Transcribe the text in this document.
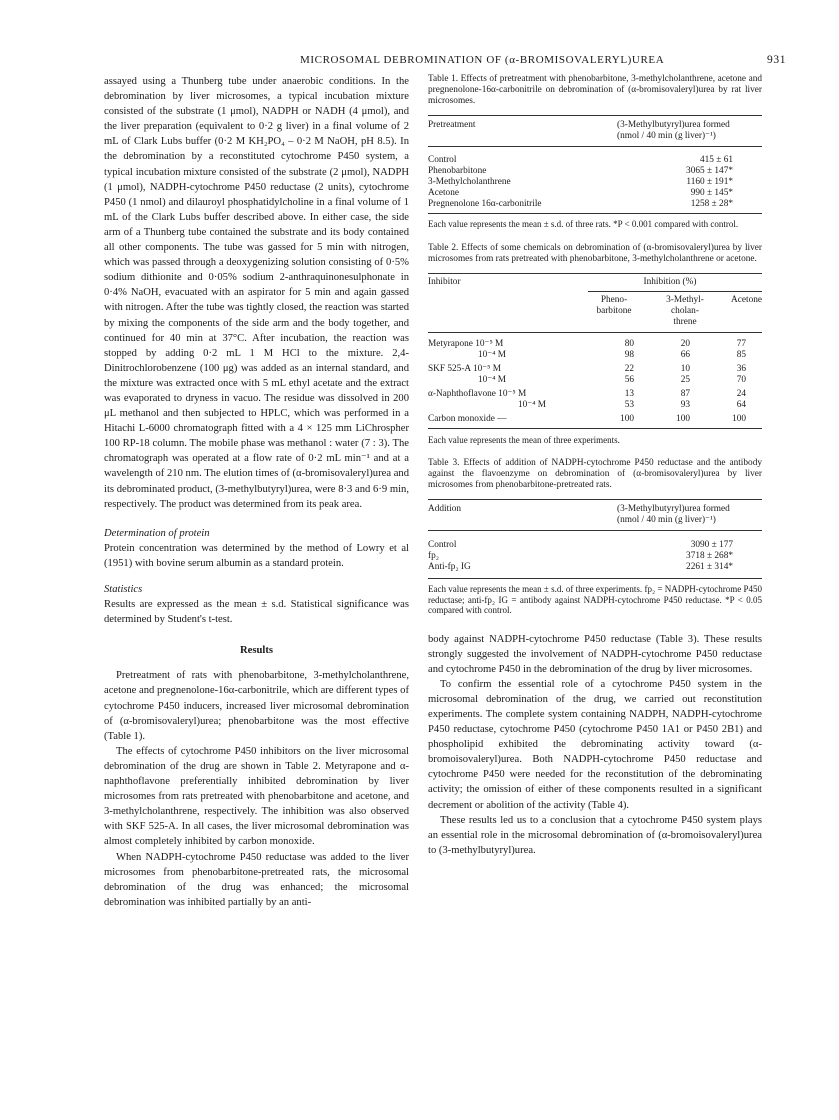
MICROSOMAL DEBROMINATION OF (α-BROMISOVALERYL)UREA	931

assayed using a Thunberg tube under anaerobic conditions. In the debromination by liver microsomes, a typical incubation mixture consisted of the substrate (1 μmol), NADPH or NADH (4 μmol), and the liver preparation (equivalent to 0·2 g liver) in a final volume of 2 mL of Clark Lubs buffer (0·2 M KH₂PO₄ – 0·2 M NaOH, pH 8.5). In the debromination by a reconstituted cytochrome P450 system, a typical incubation mixture consisted of the substrate (2 μmol), NADPH (1 μmol), NADPH-cytochrome P450 reductase (2 units), cytochrome P450 (1 nmol) and dilauroyl phosphatidylcholine in a final volume of 1 mL of the Clark Lubs buffer described above. In either case, the side arm of a Thunberg tube contained the substrate and its body contained all other components. The tube was gassed for 5 min with nitrogen, which was passed through a deoxygenizing solution consisting of 0·5% sodium dithionite and 0·05% sodium 2-anthraquinonesulphonate in 0·4% NaOH, evacuated with an aspirator for 5 min and again gassed with nitrogen. After the tube was tightly closed, the reaction was started by mixing the components of the side arm and the body together, and continued for 40 min at 37°C. After incubation, the reaction was stopped by adding 0·2 mL 1 M HCl to the mixture. 2,4-Dinitrochlorobenzene (100 μg) was added as an internal standard, and the mixture was extracted once with 5 mL ethyl acetate and the extract was evaporated to dryness in vacuo. The residue was dissolved in 200 μL methanol and then subjected to HPLC, which was performed in a Hitachi L-6000 chromatograph fitted with a 4 × 125 mm LiChrospher 100 RP-18 column. The mobile phase was methanol : water (7 : 3). The chromatograph was operated at a flow rate of 0·2 mL min⁻¹ and at a wavelength of 210 nm. The elution times of (α-bromisovaleryl)urea and its debrominated product, (3-methylbutyryl)urea, were 8·3 and 6·9 min, respectively. The product was determined from its peak area.

Determination of protein

Protein concentration was determined by the method of Lowry et al (1951) with bovine serum albumin as a standard protein.

Statistics

Results are expressed as the mean ± s.d. Statistical significance was determined by Student's t-test.

Results

Pretreatment of rats with phenobarbitone, 3-methylcholanthrene, acetone and pregnenolone-16α-carbonitrile, which are different types of cytochrome P450 inducers, increased liver microsomal debromination of (α-bromisovaleryl)urea; phenobarbitone was the most effective (Table 1).

The effects of cytochrome P450 inhibitors on the liver microsomal debromination of the drug are shown in Table 2. Metyrapone and α-naphthoflavone preferentially inhibited debromination by liver microsomes from rats pretreated with phenobarbitone and acetone, and 3-methylcholanthrene, respectively. The inhibition was also observed with SKF 525-A. In all cases, the liver microsomal debromination was almost completely inhibited by carbon monoxide.

When NADPH-cytochrome P450 reductase was added to the liver microsomes from phenobarbitone-pretreated rats, the microsomal debromination of the drug was enhanced; the microsomal debromination was inhibited partially by an anti-

Table 1. Effects of pretreatment with phenobarbitone, 3-methylcholanthrene, acetone and pregnenolone-16α-carbonitrile on debromination of (α-bromisovaleryl)urea by rat liver microsomes.
Pretreatment	(3-Methylbutyryl)urea formed
(nmol / 40 min (g liver)⁻¹)
Control	415 ± 61
Phenobarbitone	3065 ± 147*
3-Methylcholanthrene	1160 ± 191*
Acetone	990 ± 145*
Pregnenolone 16α-carbonitrile	1258 ± 28*
Each value represents the mean ± s.d. of three rats. *P < 0.001 compared with control.
Table 2. Effects of some chemicals on debromination of (α-bromisovaleryl)urea by liver microsomes from rats pretreated with phenobarbitone, 3-methylcholanthrene or acetone.
Inhibitor	Inhibition (%)
Pheno-
barbitone
3-Methyl-
cholan-
threne
Acetone
Metyrapone 10⁻⁵ M	80	20	77
10⁻⁴ M	98	66	85
SKF 525-A 10⁻⁵ M	22	10	36
10⁻⁴ M	56	25	70
α-Naphthoflavone 10⁻⁵ M	13	87	24
10⁻⁴ M	53	93	64
Carbon monoxide —	100	100	100
Each value represents the mean of three experiments.
Table 3. Effects of addition of NADPH-cytochrome P450 reductase and the antibody against the flavoenzyme on debromination of (α-bromisovaleryl)urea by liver microsomes from phenobarbitone-pretreated rats.
Addition	(3-Methylbutyryl)urea formed
(nmol / 40 min (g liver)⁻¹)
Control	3090 ± 177
fp₂	3718 ± 268*
Anti-fp₂ IG	2261 ± 314*
Each value represents the mean ± s.d. of three experiments. fp₂ = NADPH-cytochrome P450 reductase; anti-fp₂ IG = antibody against NADPH-cytochrome P450 reductase. *P < 0.05 compared with control.

body against NADPH-cytochrome P450 reductase (Table 3). These results strongly suggested the involvement of NADPH-cytochrome P450 reductase and cytochrome P450 in the debromination of the drug by liver microsomes.

To confirm the essential role of a cytochrome P450 system in the microsomal debromination of the drug, we carried out reconstitution experiments. The complete system containing NADPH, NADPH-cytochrome P450 reductase, cytochrome P450 (cytochrome P450 1A1 or P450 2B1) and phospholipid exhibited the debrominating activity toward (α-bromoisovaleryl)urea. Both NADPH-cytochrome P450 reductase and cytochrome P450 were needed for the reconstitution of the debrominating activity; the omission of either of these components resulted in a significant decrement or abolition of the activity (Table 4).

These results led us to a conclusion that a cytochrome P450 system plays an essential role in the microsomal debromination of (α-bromoisovaleryl)urea to (3-methylbutyryl)urea.
